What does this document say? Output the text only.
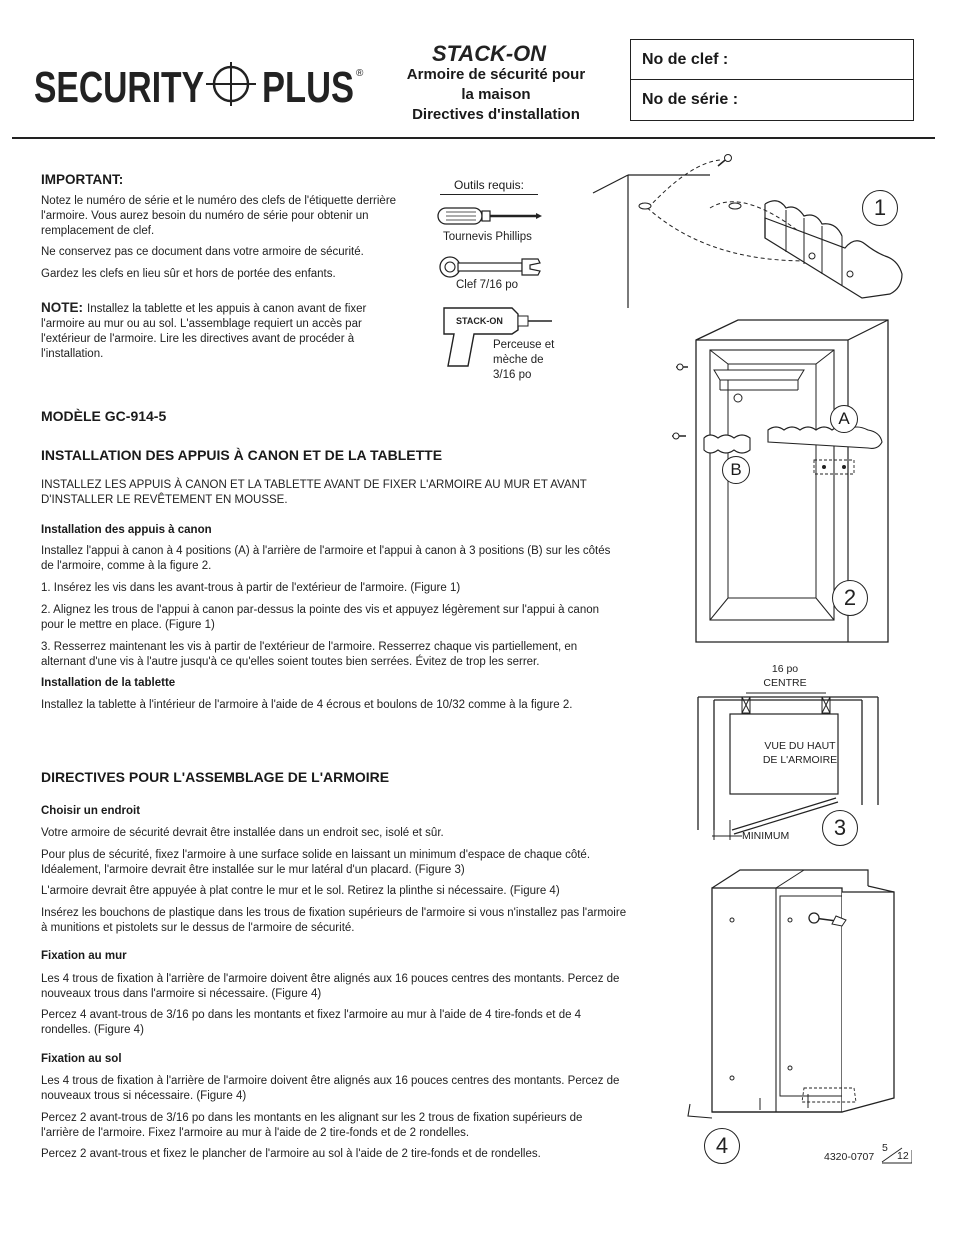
SECURITY PLUS ®
STACK-ON
Armoire de sécurité pour
la maison
Directives d'installation
No de clef :
No de série :
IMPORTANT:
Notez le numéro de série et le numéro des clefs de l'étiquette derrière l'armoire. Vous aurez besoin du numéro de série pour obtenir un remplacement de clef.
Ne conservez pas ce document dans votre armoire de sécurité.
Gardez les clefs en lieu sûr et hors de portée des enfants.
NOTE: Installez la tablette et les appuis à canon avant de fixer l'armoire au mur ou au sol. L'assemblage requiert un accès par l'extérieur de l'armoire. Lire les directives avant de procéder à l'installation.
Outils requis:
Tournevis Phillips
Clef 7/16 po
STACK-ON
Perceuse et mèche de 3/16 po
MODÈLE GC-914-5
INSTALLATION DES APPUIS À CANON ET DE LA TABLETTE
INSTALLEZ LES APPUIS À CANON ET LA TABLETTE AVANT DE FIXER L'ARMOIRE AU MUR ET AVANT D'INSTALLER LE REVÊTEMENT EN MOUSSE.
Installation des appuis à canon
Installez l'appui à canon à 4 positions (A) à l'arrière de l'armoire et l'appui à canon à 3 positions (B) sur les côtés de l'armoire, comme à la figure 2.
1. Insérez les vis dans les avant-trous à partir de l'extérieur de l'armoire. (Figure 1)
2. Alignez les trous de l'appui à canon par-dessus la pointe des vis et appuyez légèrement sur l'appui à canon pour le mettre en place. (Figure 1)
3. Resserrez maintenant les vis à partir de l'extérieur de l'armoire. Resserrez chaque vis partiellement, en alternant d'une vis à l'autre jusqu'à ce qu'elles soient toutes bien serrées. Évitez de trop les serrer.
Installation de la tablette
Installez la tablette à l'intérieur de l'armoire à l'aide de 4 écrous et boulons de 10/32 comme à la figure 2.
DIRECTIVES POUR L'ASSEMBLAGE DE L'ARMOIRE
Choisir un endroit
Votre armoire de sécurité devrait être installée dans un endroit sec, isolé et sûr.
Pour plus de sécurité, fixez l'armoire à une surface solide en laissant un minimum d'espace de chaque côté. Idéalement, l'armoire devrait être installée sur le mur latéral d'un placard. (Figure 3)
L'armoire devrait être appuyée à plat contre le mur et le sol. Retirez la plinthe si nécessaire. (Figure 4)
Insérez les bouchons de plastique dans les trous de fixation supérieurs de l'armoire si vous n'installez pas l'armoire à munitions et pistolets sur le dessus de l'armoire de sécurité.
Fixation au mur
Les 4 trous de fixation à l'arrière de l'armoire doivent être alignés aux 16 pouces centres des montants. Percez de nouveaux trous dans l'armoire si nécessaire. (Figure 4)
Percez 4 avant-trous de 3/16 po dans les montants et fixez l'armoire au mur à l'aide de 4 tire-fonds et de 4 rondelles. (Figure 4)
Fixation au sol
Les 4 trous de fixation à l'arrière de l'armoire doivent être alignés aux 16 pouces centres des montants. Percez de nouveaux trous si nécessaire. (Figure 4)
Percez 2 avant-trous de 3/16 po dans les montants en les alignant sur les 2 trous de fixation supérieurs de l'arrière de l'armoire. Fixez l'armoire au mur à l'aide de 2 tire-fonds et de 2 rondelles.
Percez 2 avant-trous et fixez le plancher de l'armoire au sol à l'aide de 2 tire-fonds et de rondelles.
1
A
B
2
16 po
CENTRE
VUE DU HAUT
DE L'ARMOIRE
MINIMUM 3
4	4320-0707
5
12
